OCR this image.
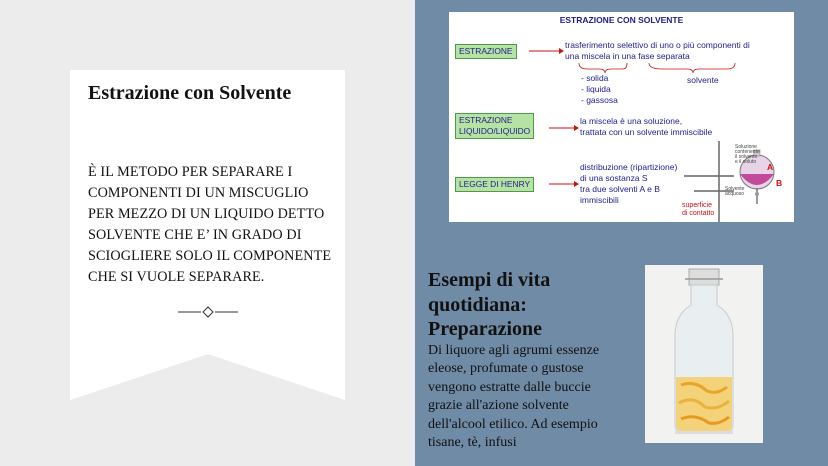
Estrazione con Solvente
È IL METODO PER SEPARARE I COMPONENTI DI UN MISCUGLIO PER MEZZO DI UN LIQUIDO DETTO SOLVENTE CHE E’ IN GRADO DI SCIOGLIERE SOLO IL COMPONENTE CHE SI VUOLE SEPARARE.
ESTRAZIONE CON SOLVENTE
ESTRAZIONE
trasferimento selettivo di uno o più componenti di
una miscela in una fase separata
- solida
- liquida
- gassosa
solvente
ESTRAZIONE
LIQUIDO/LIQUIDO
la miscela è una soluzione,
trattata con un solvente immiscibile
LEGGE DI HENRY
distribuzione (ripartizione)
di una sostanza S
tra due solventi A e B
immiscibili
Soluzione
contenente
il solvente
e il soluto
Solvente
acquoso
A
B
superficie
di contatto
Esempi di vita
quotidiana:
Preparazione
Di liquore agli agrumi essenze eleose, profumate o gustose vengono estratte dalle buccie grazie all'azione solvente dell'alcool etilico. Ad esempio tisane, tè, infusi
